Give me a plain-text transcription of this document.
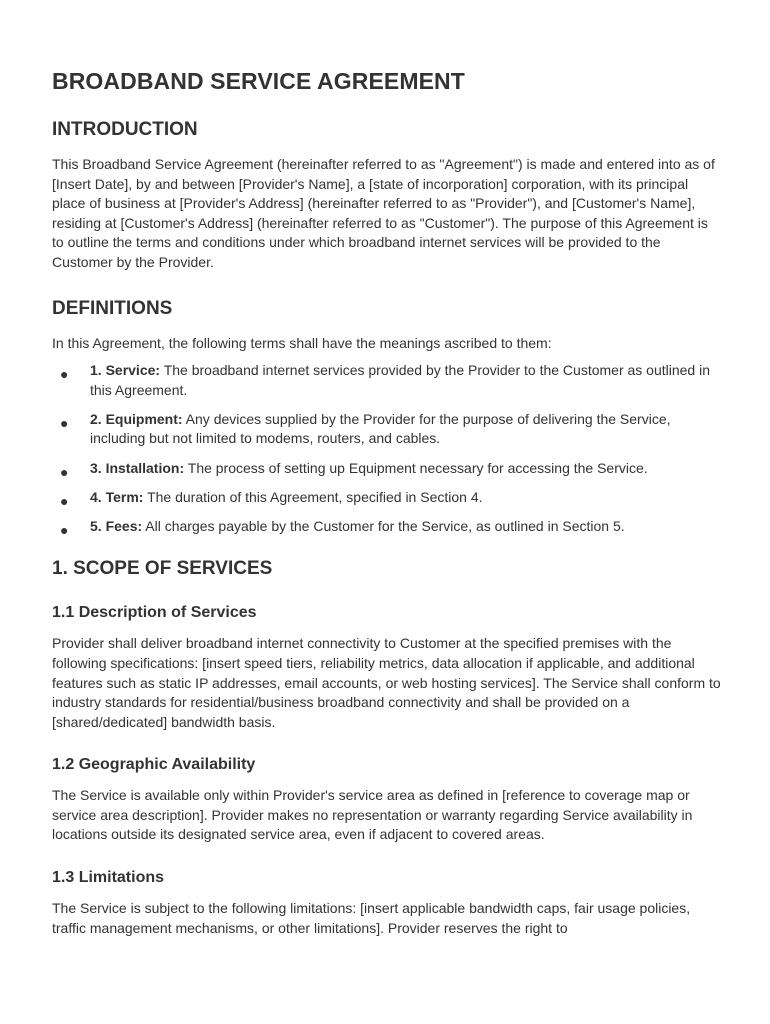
BROADBAND SERVICE AGREEMENT
INTRODUCTION

This Broadband Service Agreement (hereinafter referred to as "Agreement") is made and entered into as of [Insert Date], by and between [Provider's Name], a [state of incorporation] corporation, with its principal place of business at [Provider's Address] (hereinafter referred to as "Provider"), and [Customer's Name], residing at [Customer's Address] (hereinafter referred to as "Customer"). The purpose of this Agreement is to outline the terms and conditions under which broadband internet services will be provided to the Customer by the Provider.

DEFINITIONS

In this Agreement, the following terms shall have the meanings ascribed to them:

● 1. Service: The broadband internet services provided by the Provider to the Customer as outlined in this Agreement.
● 2. Equipment: Any devices supplied by the Provider for the purpose of delivering the Service, including but not limited to modems, routers, and cables.
● 3. Installation: The process of setting up Equipment necessary for accessing the Service.
● 4. Term: The duration of this Agreement, specified in Section 4.
● 5. Fees: All charges payable by the Customer for the Service, as outlined in Section 5.
1. SCOPE OF SERVICES
1.1 Description of Services

Provider shall deliver broadband internet connectivity to Customer at the specified premises with the following specifications: [insert speed tiers, reliability metrics, data allocation if applicable, and additional features such as static IP addresses, email accounts, or web hosting services]. The Service shall conform to industry standards for residential/business broadband connectivity and shall be provided on a [shared/dedicated] bandwidth basis.

1.2 Geographic Availability

The Service is available only within Provider's service area as defined in [reference to coverage map or service area description]. Provider makes no representation or warranty regarding Service availability in locations outside its designated service area, even if adjacent to covered areas.

1.3 Limitations

The Service is subject to the following limitations: [insert applicable bandwidth caps, fair usage policies, traffic management mechanisms, or other limitations]. Provider reserves the right to
